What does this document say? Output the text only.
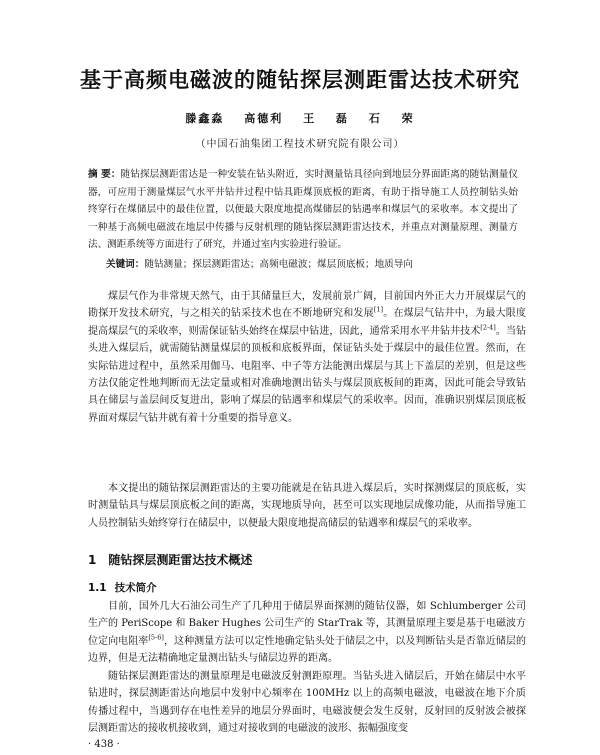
基于高频电磁波的随钻探层测距雷达技术研究
滕鑫淼 高德利 王 磊 石 荣
（中国石油集团工程技术研究院有限公司）
摘 要：随钻探层测距雷达是一种安装在钻头附近，实时测量钻具径向到地层分界面距离的随钻测量仪器，可应用于测量煤层气水平井钻井过程中钻具距煤顶底板的距离，有助于指导施工人员控制钻头始终穿行在煤储层中的最佳位置，以便最大限度地提高煤储层的钻遇率和煤层气的采收率。本文提出了一种基于高频电磁波在地层中传播与反射机理的随钻探层测距雷达技术，并重点对测量原理、测量方法、测距系统等方面进行了研究，并通过室内实验进行验证。
关键词：随钻测量；探层测距雷达；高频电磁波；煤层顶底板；地质导向

煤层气作为非常规天然气，由于其储量巨大，发展前景广阔，目前国内外正大力开展煤层气的勘探开发技术研究，与之相关的钻采技术也在不断地研究和发展[1]。在煤层气钻井中，为最大限度提高煤层气的采收率，则需保证钻头始终在煤层中钻进，因此，通常采用水平井钻井技术[2-4]。当钻头进入煤层后，就需随钻测量煤层的顶板和底板界面，保证钻头处于煤层中的最佳位置。然而，在实际钻进过程中，虽然采用伽马、电阻率、中子等方法能测出煤层与其上下盖层的差别，但是这些方法仅能定性地判断而无法定量或相对准确地测出钻头与煤层顶底板间的距离，因此可能会导致钻具在储层与盖层间反复进出，影响了煤层的钻遇率和煤层气的采收率。因而，准确识别煤层顶底板界面对煤层气钻井就有着十分重要的指导意义。

本文提出的随钻探层测距雷达的主要功能就是在钻具进入煤层后，实时探测煤层的顶底板，实时测量钻具与煤层顶底板之间的距离，实现地质导向，甚至可以实现地层成像功能，从而指导施工人员控制钻头始终穿行在储层中，以便最大限度地提高储层的钻遇率和煤层气的采收率。

1 随钻探层测距雷达技术概述
1.1 技术简介

目前，国外几大石油公司生产了几种用于储层界面探测的随钻仪器，如 Schlumberger 公司生产的 PeriScope 和 Baker Hughes 公司生产的 StarTrak 等，其测量原理主要是基于电磁波方位定向电阻率[5-6]，这种测量方法可以定性地确定钻头处于储层之中，以及判断钻头是否靠近储层的边界，但是无法精确地定量测出钻头与储层边界的距离。

随钻探层测距雷达的测量原理是电磁波反射测距原理。当钻头进入储层后，开始在储层中水平钻进时，探层测距雷达向地层中发射中心频率在 100MHz 以上的高频电磁波，电磁波在地下介质传播过程中，当遇到存在电性差异的地层分界面时，电磁波便会发生反射，反射回的反射波会被探层测距雷达的接收机接收到，通过对接收到的电磁波的波形、振幅强度变

· 438 ·
